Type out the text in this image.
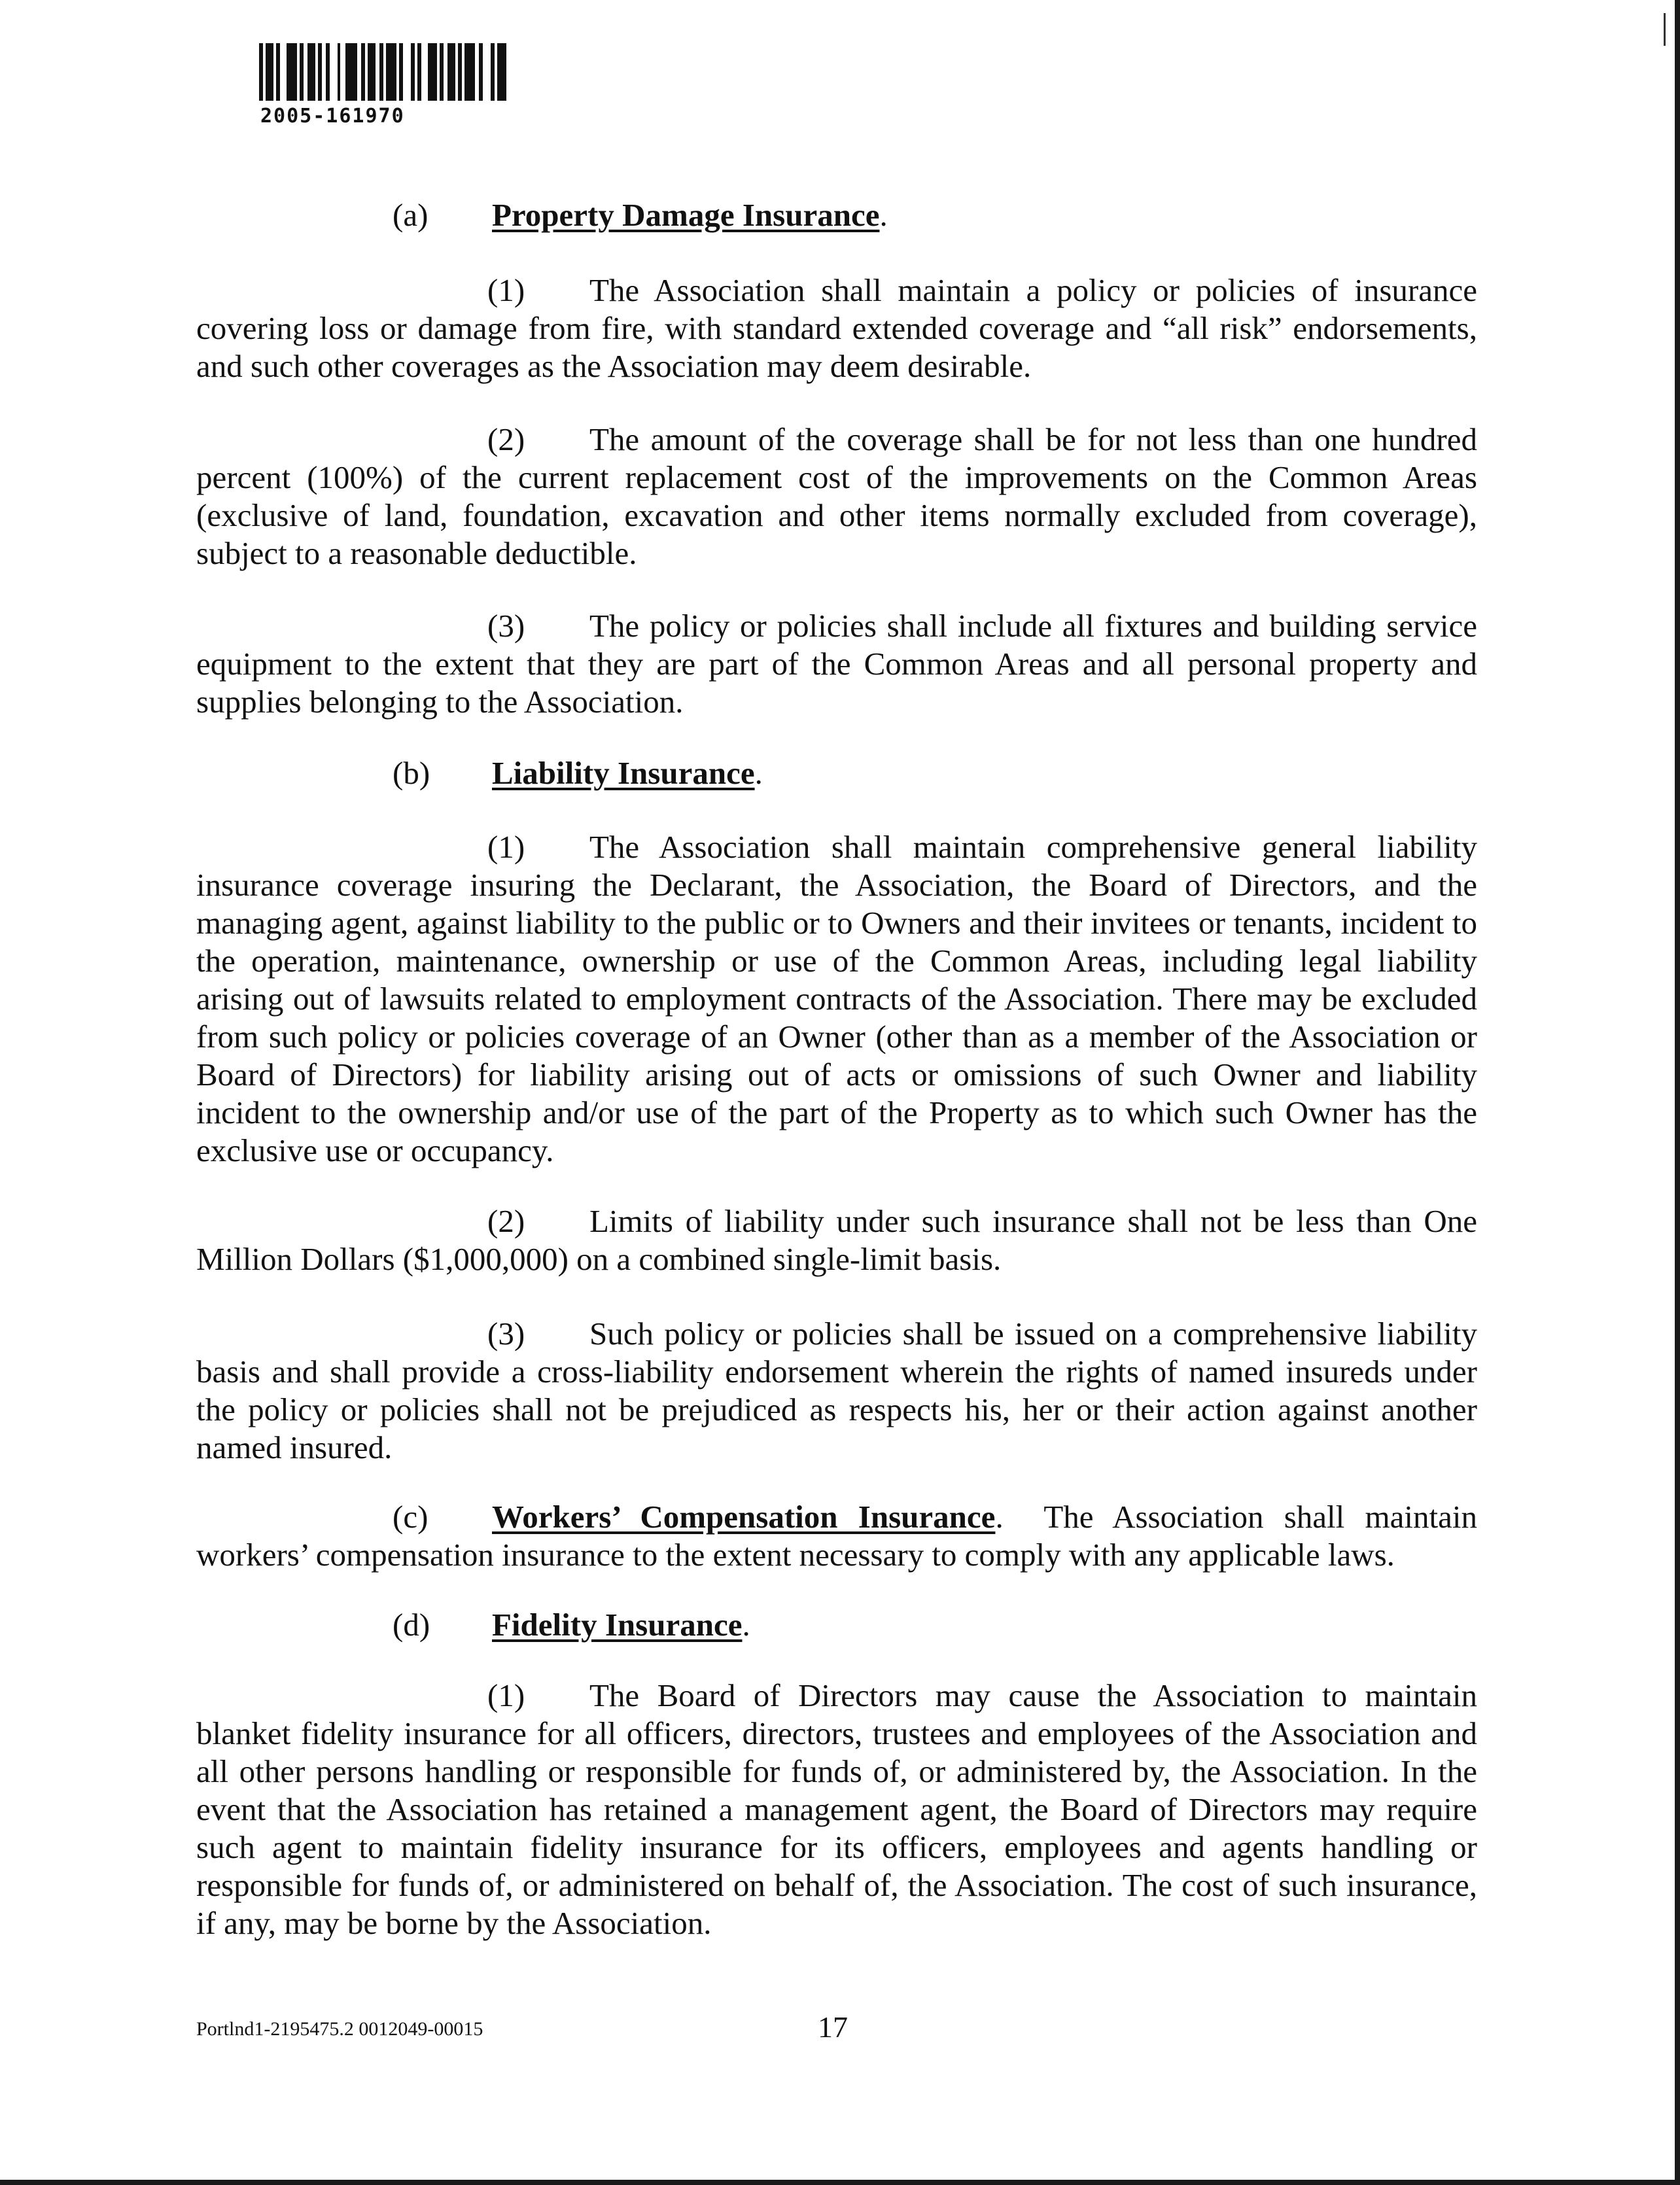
2005-161970
(a) Property Damage Insurance.

(1) The Association shall maintain a policy or policies of insurance covering loss or damage from fire, with standard extended coverage and “all risk” endorsements, and such other coverages as the Association may deem desirable.

(2) The amount of the coverage shall be for not less than one hundred percent (100%) of the current replacement cost of the improvements on the Common Areas (exclusive of land, foundation, excavation and other items normally excluded from coverage), subject to a reasonable deductible.

(3) The policy or policies shall include all fixtures and building service equipment to the extent that they are part of the Common Areas and all personal property and supplies belonging to the Association.

(b) Liability Insurance.

(1) The Association shall maintain comprehensive general liability insurance coverage insuring the Declarant, the Association, the Board of Directors, and the managing agent, against liability to the public or to Owners and their invitees or tenants, incident to the operation, maintenance, ownership or use of the Common Areas, including legal liability arising out of lawsuits related to employment contracts of the Association. There may be excluded from such policy or policies coverage of an Owner (other than as a member of the Association or Board of Directors) for liability arising out of acts or omissions of such Owner and liability incident to the ownership and/or use of the part of the Property as to which such Owner has the exclusive use or occupancy.

(2) Limits of liability under such insurance shall not be less than One Million Dollars ($1,000,000) on a combined single-limit basis.

(3) Such policy or policies shall be issued on a comprehensive liability basis and shall provide a cross-liability endorsement wherein the rights of named insureds under the policy or policies shall not be prejudiced as respects his, her or their action against another named insured.

(c) Workers’ Compensation Insurance.  The Association shall maintain workers’ compensation insurance to the extent necessary to comply with any applicable laws.

(d) Fidelity Insurance.

(1) The Board of Directors may cause the Association to maintain blanket fidelity insurance for all officers, directors, trustees and employees of the Association and all other persons handling or responsible for funds of, or administered by, the Association. In the event that the Association has retained a management agent, the Board of Directors may require such agent to maintain fidelity insurance for its officers, employees and agents handling or responsible for funds of, or administered on behalf of, the Association. The cost of such insurance, if any, may be borne by the Association.

Portlnd1-2195475.2 0012049-00015	17
